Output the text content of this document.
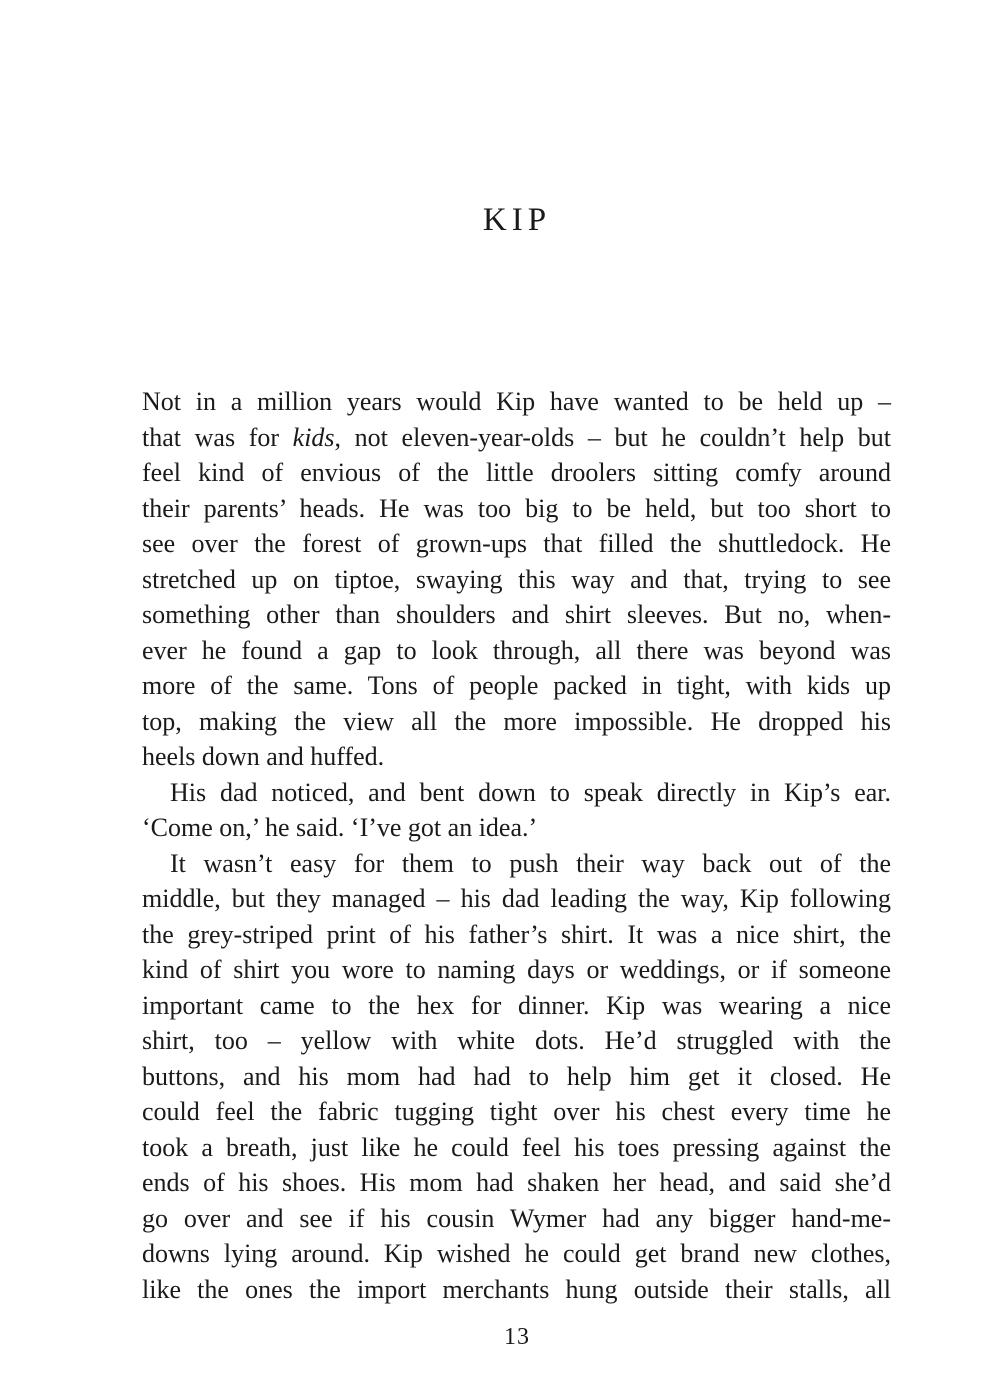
KIP
Not in a million years would Kip have wanted to be held up –
that was for kids, not eleven-year-olds – but he couldn’t help but
feel kind of envious of the little droolers sitting comfy around
their parents’ heads. He was too big to be held, but too short to
see over the forest of grown-ups that filled the shuttledock. He
stretched up on tiptoe, swaying this way and that, trying to see
something other than shoulders and shirt sleeves. But no, when-
ever he found a gap to look through, all there was beyond was
more of the same. Tons of people packed in tight, with kids up
top, making the view all the more impossible. He dropped his
heels down and huffed.
His dad noticed, and bent down to speak directly in Kip’s ear.
‘Come on,’ he said. ‘I’ve got an idea.’
It wasn’t easy for them to push their way back out of the
middle, but they managed – his dad leading the way, Kip following
the grey-striped print of his father’s shirt. It was a nice shirt, the
kind of shirt you wore to naming days or weddings, or if someone
important came to the hex for dinner. Kip was wearing a nice
shirt, too – yellow with white dots. He’d struggled with the
buttons, and his mom had had to help him get it closed. He
could feel the fabric tugging tight over his chest every time he
took a breath, just like he could feel his toes pressing against the
ends of his shoes. His mom had shaken her head, and said she’d
go over and see if his cousin Wymer had any bigger hand-me-
downs lying around. Kip wished he could get brand new clothes,
like the ones the import merchants hung outside their stalls, all
13
